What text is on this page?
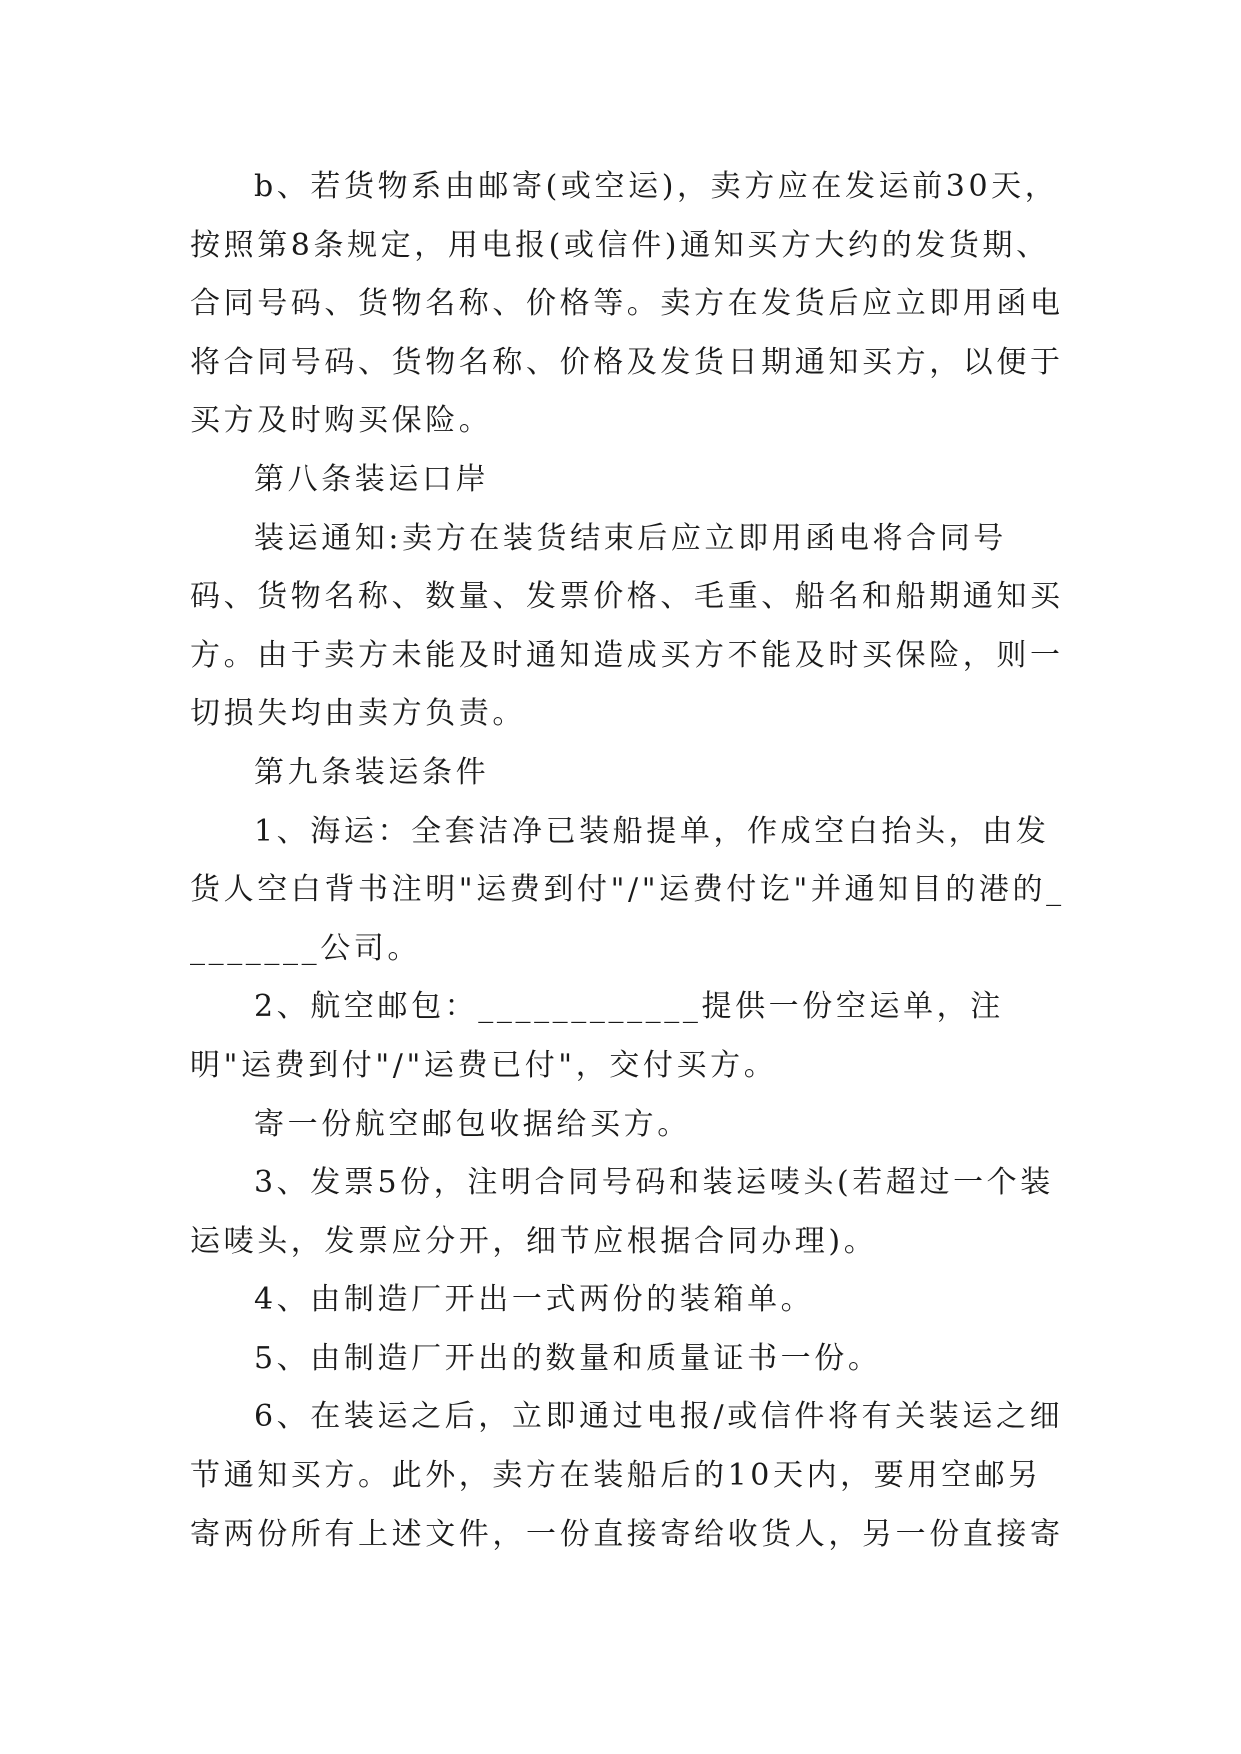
b、若货物系由邮寄(或空运)，卖方应在发运前30天，按照第8条规定，用电报(或信件)通知买方大约的发货期、合同号码、货物名称、价格等。卖方在发货后应立即用函电将合同号码、货物名称、价格及发货日期通知买方，以便于买方及时购买保险。

第八条装运口岸

装运通知:卖方在装货结束后应立即用函电将合同号码、货物名称、数量、发票价格、毛重、船名和船期通知买方。由于卖方未能及时通知造成买方不能及时买保险，则一切损失均由卖方负责。

第九条装运条件

1、海运：全套洁净已装船提单，作成空白抬头，由发货人空白背书注明"运费到付"/"运费付讫"并通知目的港的________公司。

2、航空邮包：____________提供一份空运单，注明"运费到付"/"运费已付"，交付买方。

寄一份航空邮包收据给买方。

3、发票5份，注明合同号码和装运唛头(若超过一个装运唛头，发票应分开，细节应根据合同办理)。

4、由制造厂开出一式两份的装箱单。

5、由制造厂开出的数量和质量证书一份。

6、在装运之后，立即通过电报/或信件将有关装运之细节通知买方。此外，卖方在装船后的10天内，要用空邮另寄两份所有上述文件，一份直接寄给收货人，另一份直接寄
